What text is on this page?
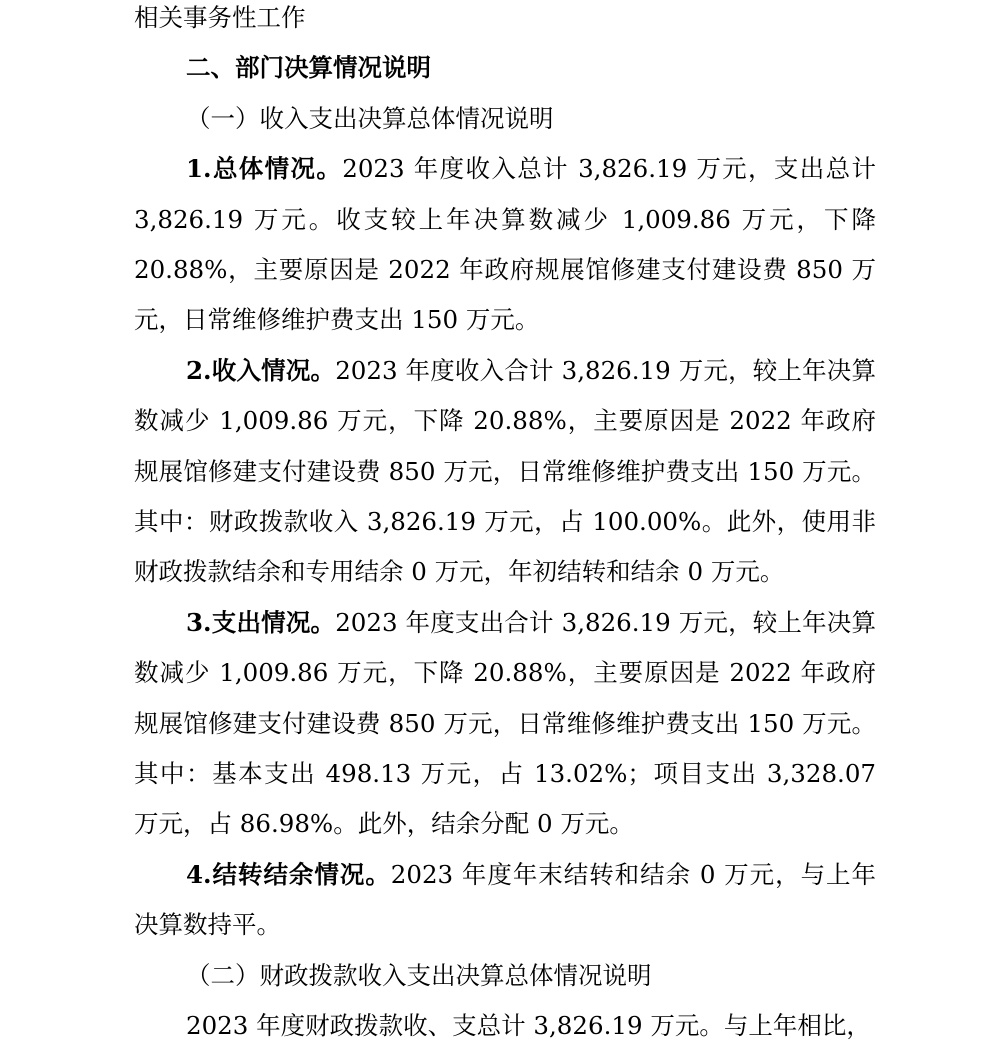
相关事务性工作
二、部门决算情况说明
（一）收入支出决算总体情况说明

1.总体情况。2023 年度收入总计 3,826.19 万元，支出总计 3,826.19 万元。收支较上年决算数减少 1,009.86 万元，下降 20.88%，主要原因是 2022 年政府规展馆修建支付建设费 850 万元，日常维修维护费支出 150 万元。

2.收入情况。2023 年度收入合计 3,826.19 万元，较上年决算数减少 1,009.86 万元，下降 20.88%，主要原因是 2022 年政府规展馆修建支付建设费 850 万元，日常维修维护费支出 150 万元。其中：财政拨款收入 3,826.19 万元，占 100.00%。此外，使用非财政拨款结余和专用结余 0 万元，年初结转和结余 0 万元。

3.支出情况。2023 年度支出合计 3,826.19 万元，较上年决算数减少 1,009.86 万元，下降 20.88%，主要原因是 2022 年政府规展馆修建支付建设费 850 万元，日常维修维护费支出 150 万元。其中：基本支出 498.13 万元，占 13.02%；项目支出 3,328.07 万元，占 86.98%。此外，结余分配 0 万元。

4.结转结余情况。2023 年度年末结转和结余 0 万元，与上年决算数持平。

（二）财政拨款收入支出决算总体情况说明

2023 年度财政拨款收、支总计 3,826.19 万元。与上年相比，
